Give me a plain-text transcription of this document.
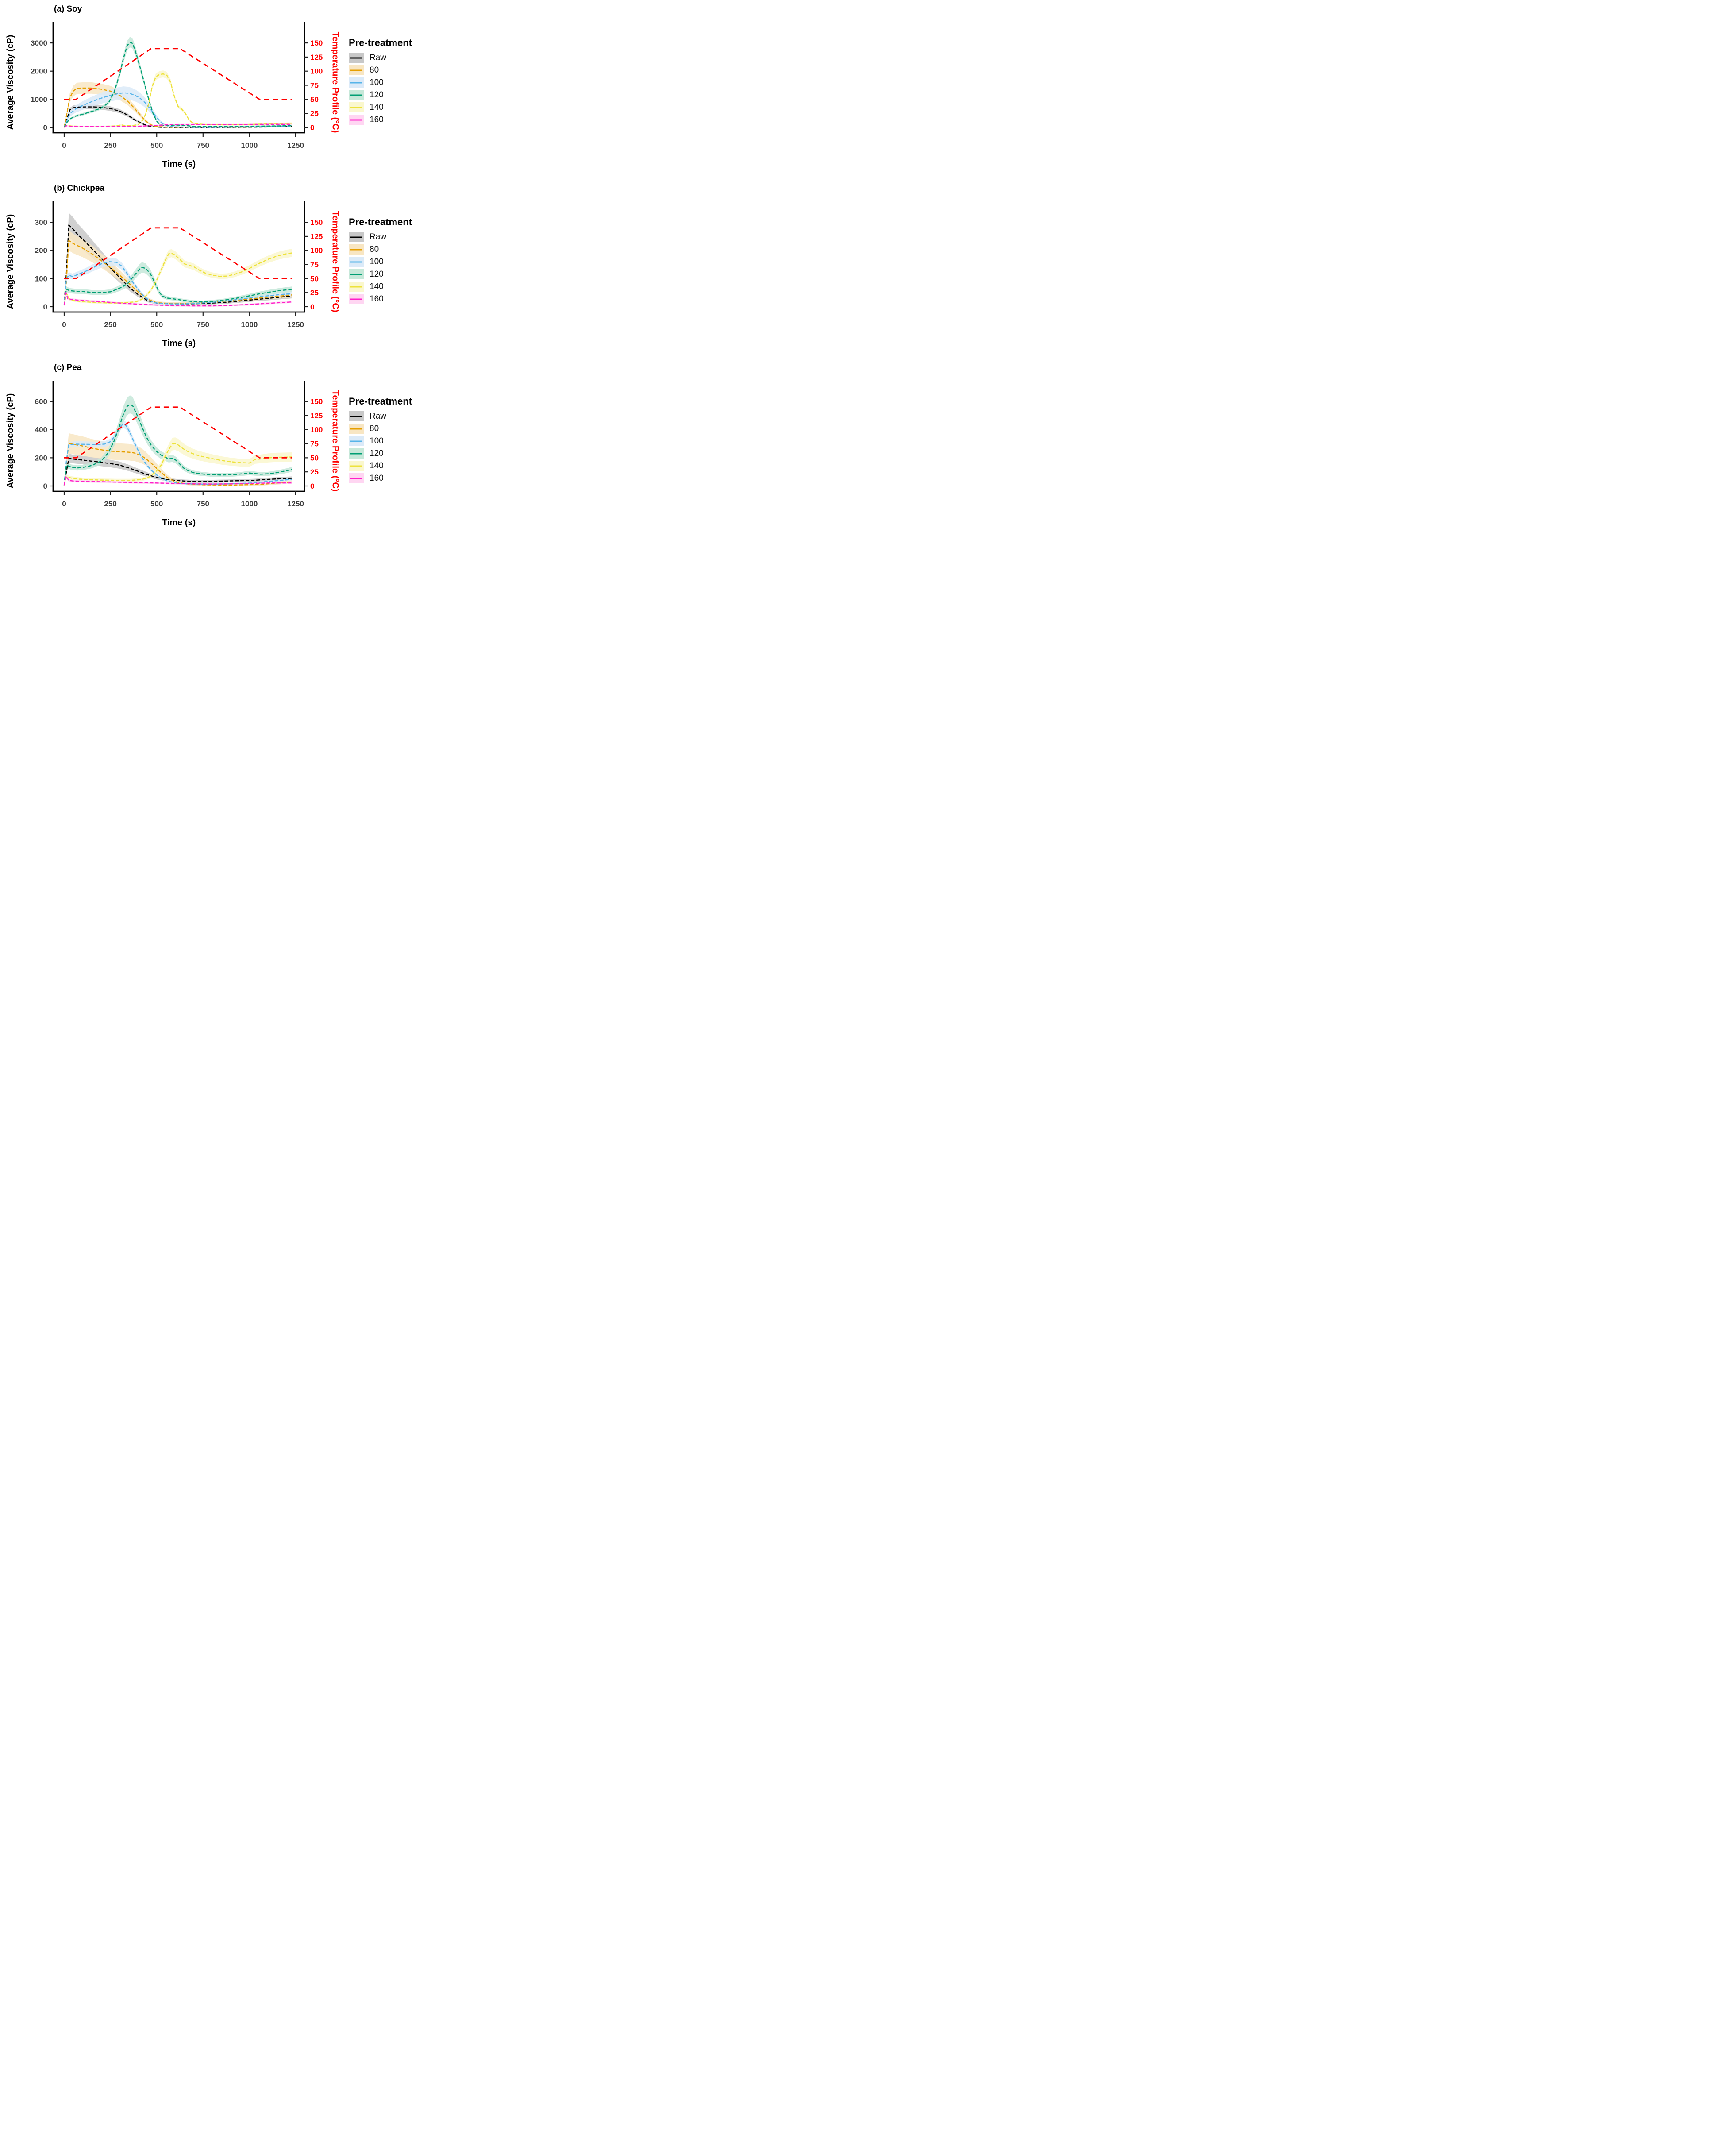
0
1000
2000
3000
0	250	500	750	1000	1250
0
25
50
75
100
125
150
(a) Soy
Average Viscosity (cP)	Temperature Profile (°C)
Time (s)
Pre-treatment
Raw
80
100
120
140
160
0
100
200
300
0	250	500	750	1000	1250
0
25
50
75
100
125
150
(b) Chickpea
Average Viscosity (cP)	Temperature Profile (°C)
Time (s)
Pre-treatment
Raw
80
100
120
140
160
0
200
400
600
0	250	500	750	1000	1250
0
25
50
75
100
125
150
(c) Pea
Average Viscosity (cP)	Temperature Profile (°C)
Time (s)
Pre-treatment
Raw
80
100
120
140
160
